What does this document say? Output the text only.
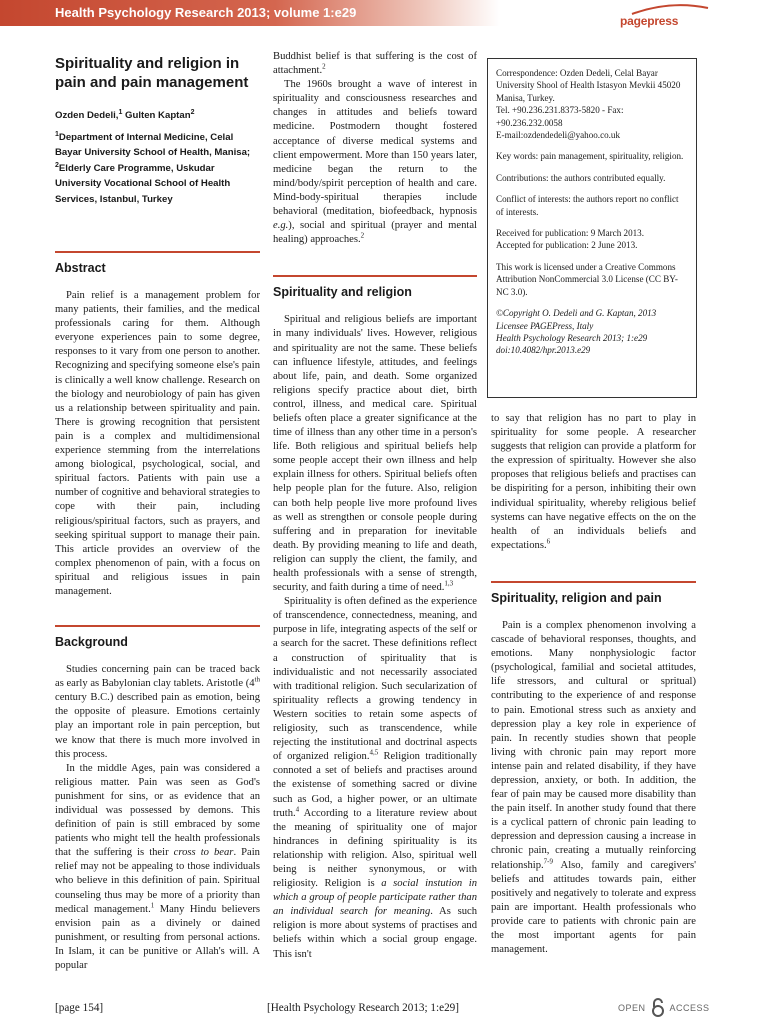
Health Psychology Research 2013; volume 1:e29
pagepress
Spirituality and religion in pain and pain management
Ozden Dedeli,$^1$ Gulten Kaptan$^2$
$^1$Department of Internal Medicine, Celal Bayar University School of Health, Manisa; $^2$Elderly Care Programme, Uskudar University Vocational School of Health Services, Istanbul, Turkey
Abstract

Pain relief is a management problem for many patients, their families, and the medical professionals caring for them. Although everyone experiences pain to some degree, responses to it vary from one person to another. Recognizing and specifying someone else's pain is clinically a well know challenge. Research on the biology and neurobiology of pain has given us a relationship between spirituality and pain. There is growing recognition that persistent pain is a complex and multidimensional experience stemming from the interrelations among biological, psychological, social, and spiritual factors. Patients with pain use a number of cognitive and behavioral strategies to cope with their pain, including religious/spiritual factors, such as prayers, and seeking spiritual support to manage their pain. This article provides an overview of the complex phenomenon of pain, with a focus on spiritual and religious issues in pain management.

Background

Studies concerning pain can be traced back as early as Babylonian clay tablets. Aristotle (4th century B.C.) described pain as emotion, being the opposite of pleasure. Emotions certainly play an important role in pain perception, but we know that there is much more involved in this process.

In the middle Ages, pain was considered a religious matter. Pain was seen as God's punishment for sins, or as evidence that an individual was possessed by demons. This definition of pain is still embraced by some patients who might tell the health professionals that the suffering is their cross to bear. Pain relief may not be appealing to those individuals who believe in this definition of pain. Spiritual counseling thus may be more of a priority than medical management.$^1$ Many Hindu believers envision pain as a divinely or dained punishment, or resulting from personal actions. In Islam, it can be punitive or Allah's will. A popular

Buddhist belief is that suffering is the cost of attachment.$^2$

The 1960s brought a wave of interest in spirituality and consciousness researches and changes in attitudes and beliefs toward medicine. Postmodern thought fostered acceptance of diverse medical systems and client empowerment. More than 150 years later, medicine began the return to the mind/body/spirit perception of health and care. Mind-body-spiritual therapies include behavioral (meditation, biofeedback, hypnosis e.g.), social and spiritual (prayer and mental healing) approaches.$^2$

Spirituality and religion

Spiritual and religious beliefs are important in many individuals' lives. However, religious and spirituality are not the same. These beliefs can influence lifestyle, attitudes, and feelings about life, pain, and death. Some organized religions specify practice about diet, birth control, illness, and medical care. Spiritual beliefs often place a greater significance at the time of illness than any other time in a person's life. Both religious and spiritual beliefs help some people accept their own illness and help explain illness for others. Spiritual beliefs often help people plan for the future. Also, religion can both help people live more profound lives as well as strengthen or console people during suffering and in preparation for inevitable death. By providing meaning to life and death, religion can supply the client, the family, and health professionals with a sense of strength, security, and faith during a time of need.$^{1,3}$

Spirituality is often defined as the experience of transcendence, connectedness, meaning, and purpose in life, integrating aspects of the self or a search for the sacret. These definitions reflect a construction of spirituality that is individualistic and not necessarily associated with traditional religion. Such secularization of spirituality reflects a growing tendency in Western socities to retain some aspects of religiosity, such as transcendence, while rejecting the institutional and doctrinal aspects of organized religion.$^{4,5}$ Religion traditionally connoted a set of beliefs and practises around the existense of something sacred or divine such as God, a higher power, or an ultimate truth.$^4$ According to a literature review about the meaning of spirituality one of major hindrances in defining spirituality is its relationship with religion. Also, spiritual well being is neither synonymous, or with religiosity. Religion is a social instution in which a group of people participate rather than an individual search for meaning. As such religion is more about systems of practises and beliefs within which a social group engage. This isn't

Correspondence: Ozden Dedeli, Celal Bayar University Shool of Health Istasyon Mevkii 45020 Manisa, Turkey.
Tel. +90.236.231.8373-5820 - Fax: +90.236.232.0058
E-mail:ozdendedeli@yahoo.co.uk

Key words: pain management, spirituality, religion.

Contributions: the authors contributed equally.

Conflict of interests: the authors report no conflict of interests.

Received for publication: 9 March 2013.
Accepted for publication: 2 June 2013.

This work is licensed under a Creative Commons Attribution NonCommercial 3.0 License (CC BY-NC 3.0).

©Copyright O. Dedeli and G. Kaptan, 2013
Licensee PAGEPress, Italy
Health Psychology Research 2013; 1:e29
doi:10.4082/hpr.2013.e29

to say that religion has no part to play in spirituality for some people. A researcher suggests that religion can provide a platform for the expression of spiritualty. However she also proposes that religious beliefs and practises can be dispiriting for a person, inhibiting their own individual spirituality, whereby religious belief systems can have negative effects on the on the health of an individuals beliefs and expectations.$^6$

Spirituality, religion and pain

Pain is a complex phenomenon involving a cascade of behavioral responses, thoughts, and emotions. Many nonphysiologic factor (psychological, familial and societal attitudes, life stressors, and cultural or spritual) contributing to the experience of and response to pain. Emotional stress such as anxiety and depression play a key role in experience of pain. In recently studies shown that people living with chronic pain may report more intense pain and related disability, if they have depression, anxiety, or both. In addition, the fear of pain may be caused more disability than the pain itself. In another study found that there is a cyclical pattern of chronic pain leading to depression and depression causing a increase in chronic pain, creating a mutually reinforcing relationship.$^{7-9}$ Also, family and caregivers' beliefs and attitudes towards pain, either positively and negatively to tolerate and express pain are important. Health professionals who provide care to patients with chronic pain are the most important agents for pain management.

[page 154]	[Health Psychology Research 2013; 1:e29]	OPEN	ACCESS
